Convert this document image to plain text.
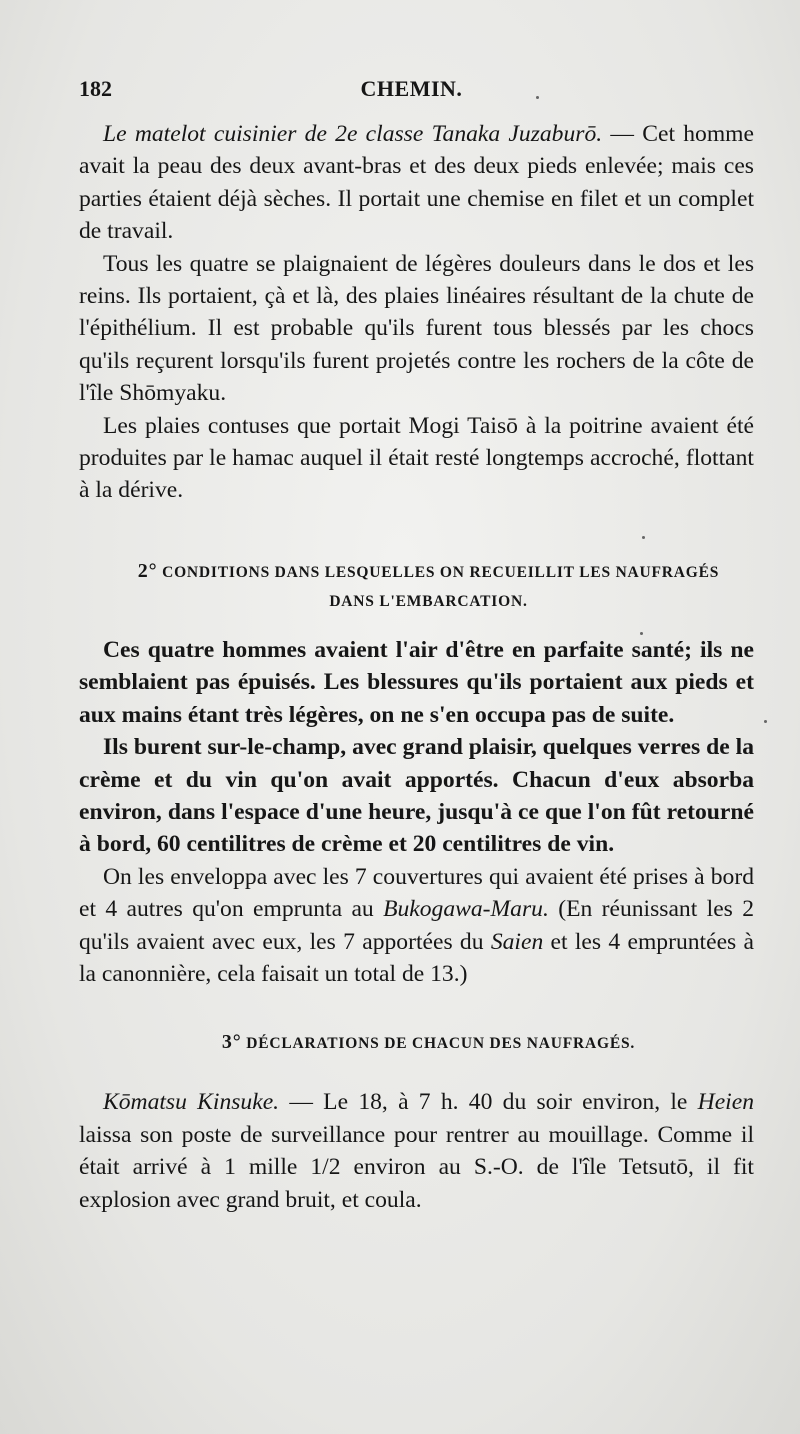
182	CHEMIN.

Le matelot cuisinier de 2e classe Tanaka Juzaburō. — Cet homme avait la peau des deux avant-bras et des deux pieds enlevée; mais ces parties étaient déjà sèches. Il portait une chemise en filet et un complet de travail.

Tous les quatre se plaignaient de légères douleurs dans le dos et les reins. Ils portaient, çà et là, des plaies linéaires résultant de la chute de l'épithélium. Il est probable qu'ils furent tous blessés par les chocs qu'ils reçurent lorsqu'ils furent projetés contre les rochers de la côte de l'île Shōmyaku.

Les plaies contuses que portait Mogi Taisō à la poitrine avaient été produites par le hamac auquel il était resté longtemps accroché, flottant à la dérive.

2° CONDITIONS DANS LESQUELLES ON RECUEILLIT LES NAUFRAGÉS

DANS L'EMBARCATION.

Ces quatre hommes avaient l'air d'être en parfaite santé; ils ne semblaient pas épuisés. Les blessures qu'ils portaient aux pieds et aux mains étant très légères, on ne s'en occupa pas de suite.

Ils burent sur-le-champ, avec grand plaisir, quelques verres de la crème et du vin qu'on avait apportés. Chacun d'eux absorba environ, dans l'espace d'une heure, jusqu'à ce que l'on fût retourné à bord, 60 centilitres de crème et 20 centilitres de vin.

On les enveloppa avec les 7 couvertures qui avaient été prises à bord et 4 autres qu'on emprunta au Bukogawa-Maru. (En réunissant les 2 qu'ils avaient avec eux, les 7 apportées du Saien et les 4 empruntées à la canonnière, cela faisait un total de 13.)

3° DÉCLARATIONS DE CHACUN DES NAUFRAGÉS.

Kōmatsu Kinsuke. — Le 18, à 7 h. 40 du soir environ, le Heien laissa son poste de surveillance pour rentrer au mouillage. Comme il était arrivé à 1 mille 1/2 environ au S.-O. de l'île Tetsutō, il fit explosion avec grand bruit, et coula.
